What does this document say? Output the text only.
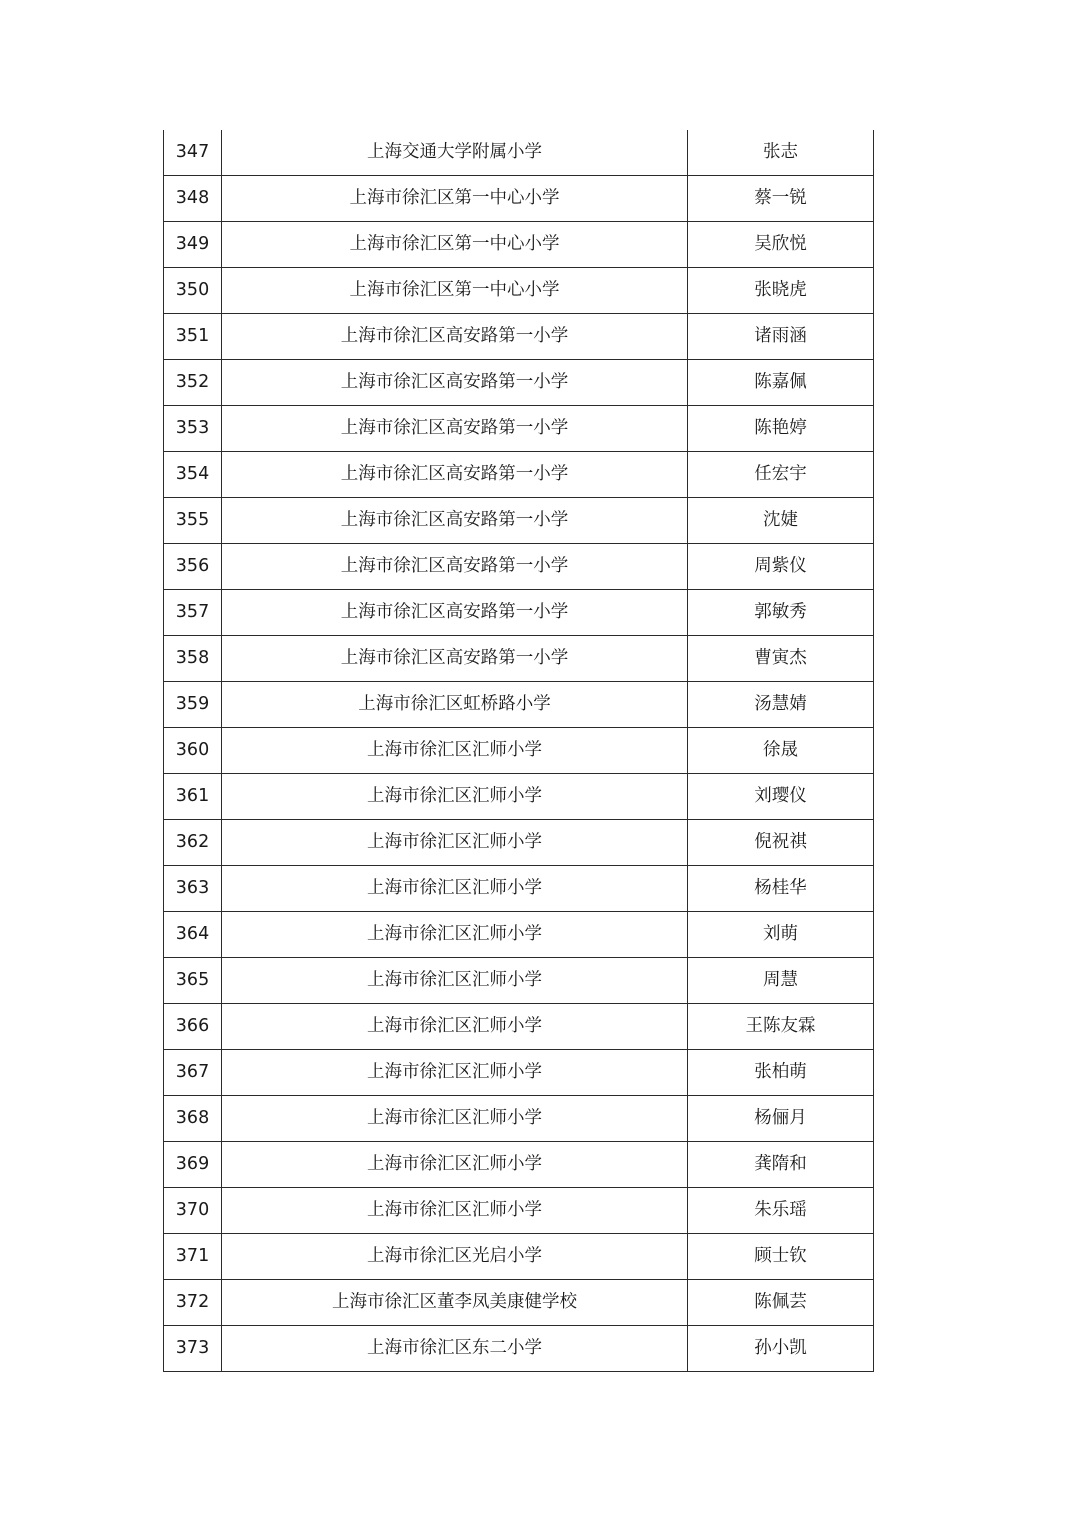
347	上海交通大学附属小学	张志
348	上海市徐汇区第一中心小学	蔡一锐
349	上海市徐汇区第一中心小学	吴欣悦
350	上海市徐汇区第一中心小学	张晓虎
351	上海市徐汇区高安路第一小学	诸雨涵
352	上海市徐汇区高安路第一小学	陈嘉佩
353	上海市徐汇区高安路第一小学	陈艳婷
354	上海市徐汇区高安路第一小学	任宏宇
355	上海市徐汇区高安路第一小学	沈婕
356	上海市徐汇区高安路第一小学	周紫仪
357	上海市徐汇区高安路第一小学	郭敏秀
358	上海市徐汇区高安路第一小学	曹寅杰
359	上海市徐汇区虹桥路小学	汤慧婧
360	上海市徐汇区汇师小学	徐晟
361	上海市徐汇区汇师小学	刘璎仪
362	上海市徐汇区汇师小学	倪祝祺
363	上海市徐汇区汇师小学	杨桂华
364	上海市徐汇区汇师小学	刘萌
365	上海市徐汇区汇师小学	周慧
366	上海市徐汇区汇师小学	王陈友霖
367	上海市徐汇区汇师小学	张柏萌
368	上海市徐汇区汇师小学	杨俪月
369	上海市徐汇区汇师小学	龚隋和
370	上海市徐汇区汇师小学	朱乐瑶
371	上海市徐汇区光启小学	顾士钦
372	上海市徐汇区董李凤美康健学校	陈佩芸
373	上海市徐汇区东二小学	孙小凯
